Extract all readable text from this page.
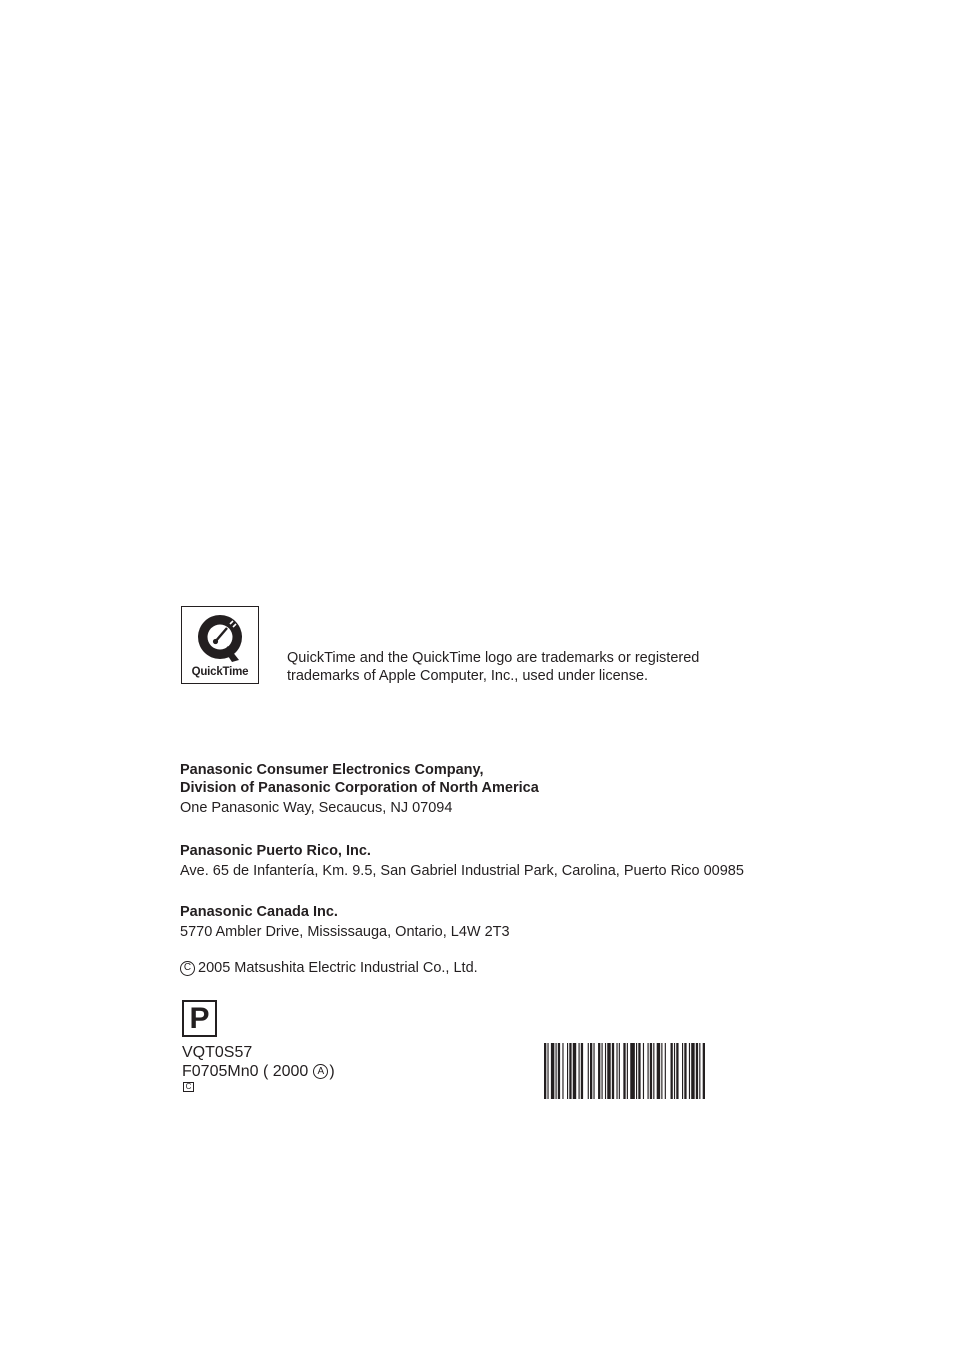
QuickTime
QuickTime and the QuickTime logo are trademarks or registered
trademarks of Apple Computer, Inc., used under license.
Panasonic Consumer Electronics Company,
Division of Panasonic Corporation of North America
One Panasonic Way, Secaucus, NJ 07094
Panasonic Puerto Rico, Inc.
Ave. 65 de Infantería, Km. 9.5, San Gabriel Industrial Park, Carolina, Puerto Rico 00985
Panasonic Canada Inc.
5770 Ambler Drive, Mississauga, Ontario, L4W 2T3
C 2005 Matsushita Electric Industrial Co., Ltd.
P
VQT0S57
F0705Mn0 ( 2000 A )
C
